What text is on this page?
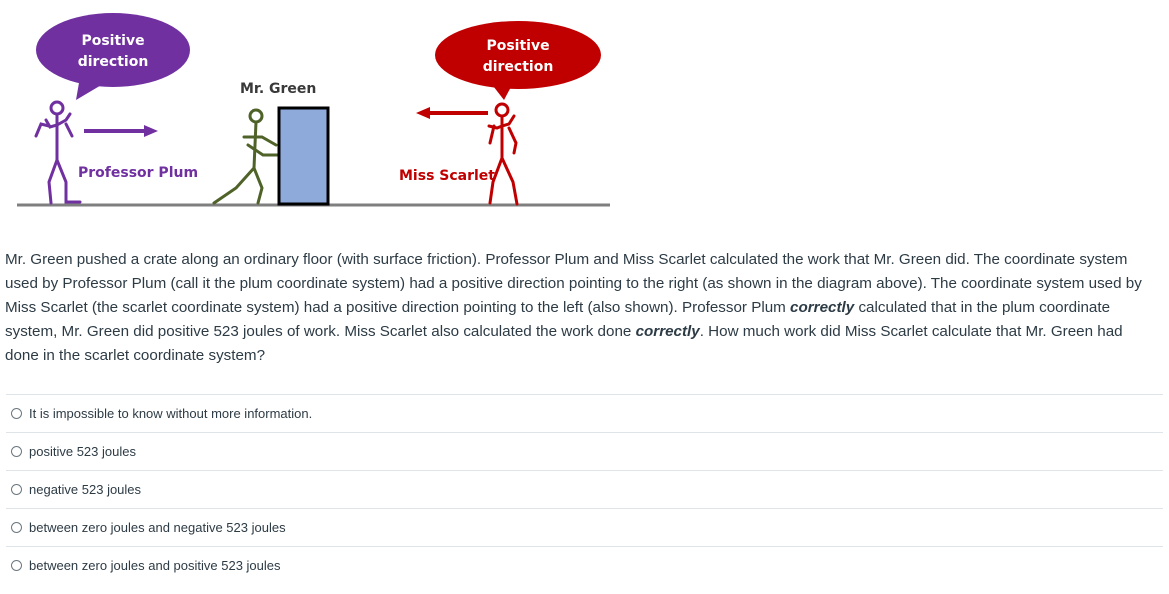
Positive
direction
Positive
direction
Professor Plum
Mr. Green
Miss Scarlet

Mr. Green pushed a crate along an ordinary floor (with surface friction). Professor Plum and Miss Scarlet calculated the work that Mr. Green did. The coordinate system used by Professor Plum (call it the plum coordinate system) had a positive direction pointing to the right (as shown in the diagram above). The coordinate system used by Miss Scarlet (the scarlet coordinate system) had a positive direction pointing to the left (also shown). Professor Plum correctly calculated that in the plum coordinate system, Mr. Green did positive 523 joules of work. Miss Scarlet also calculated the work done correctly. How much work did Miss Scarlet calculate that Mr. Green had done in the scarlet coordinate system?

It is impossible to know without more information.
positive 523 joules
negative 523 joules
between zero joules and negative 523 joules
between zero joules and positive 523 joules
